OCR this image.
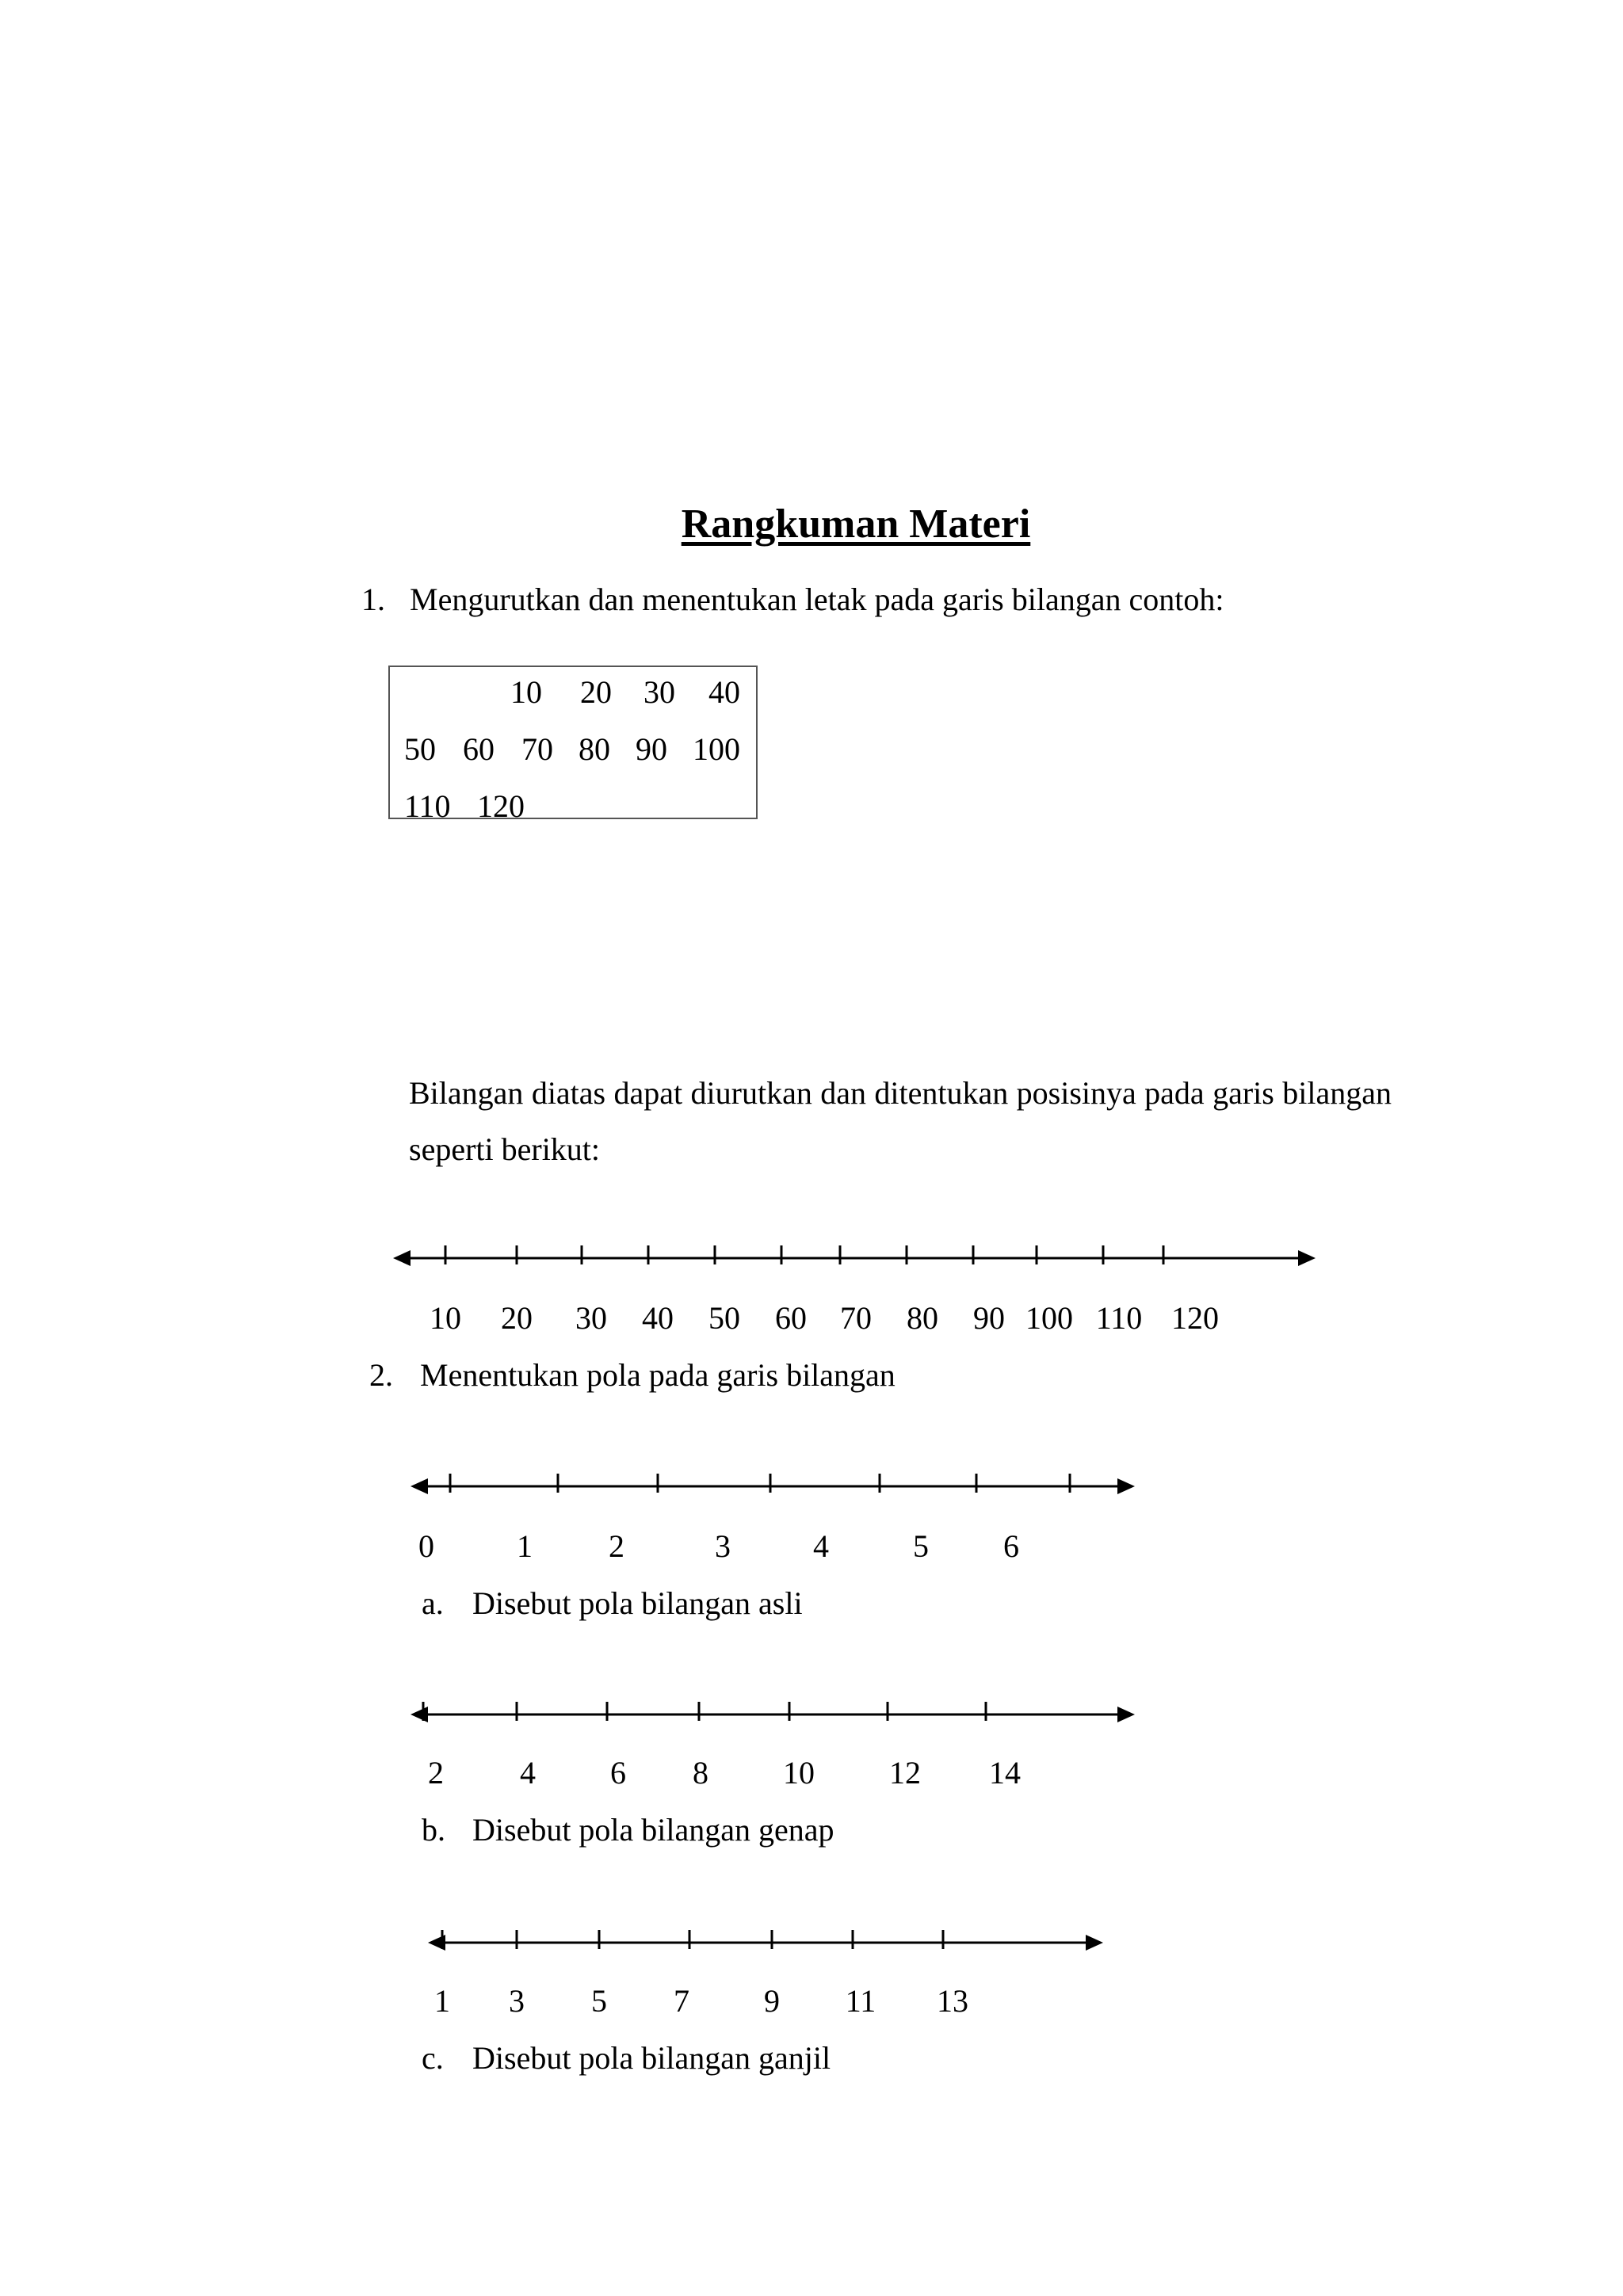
Rangkuman Materi
1. Mengurutkan dan menentukan letak pada garis bilangan contoh:
10 20 30 40
50 60 70 80 90 100
110 120
Bilangan diatas dapat diurutkan dan ditentukan posisinya pada garis bilangan seperti berikut:
10 20 30 40 50 60 70 80 90 100 110 120
2. Menentukan pola pada garis bilangan
0	1 2	3	4	5 6
a. Disebut pola bilangan asli
2 4 6 8 10 12 14
b. Disebut pola bilangan genap
1 3 5 7 9 11 13
c. Disebut pola bilangan ganjil
